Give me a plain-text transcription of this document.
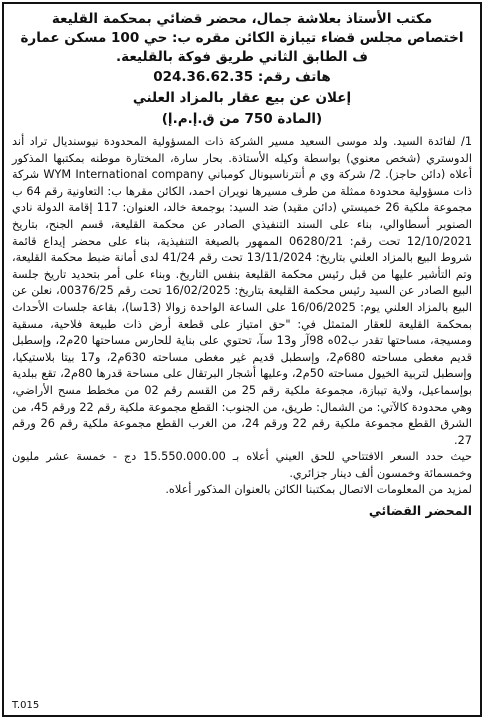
مكتب الأستاذ بعلاشة جمال، محضر قضائي بمحكمة القليعة
اختصاص مجلس قضاء تيبازة الكائن مقره ب: حي 100 مسكن عمارة
ف الطابق الثاني طريق فوكة بالقليعة.
هاتف رقم: 024.36.62.35
إعلان عن بيع عقار بالمزاد العلني
(المادة 750 من ق.إ.م.إ)

1/ لفائدة السيد. ولد موسى السعيد مسير الشركة ذات المسؤولية المحدودة نيوسنديال تراد أند الدوستري (شخص معنوي) بواسطة وكيله الأستاذة. بحار سارة، المختارة موطنه بمكتبها المذكور أعلاه (دائن حاجز). 2/ شركة وي م أنترناسيونال كومباني WYM International company شركة ذات مسؤولية محدودة ممثلة من طرف مسيرها نويران احمد، الكائن مقرها ب: التعاونية رقم 64 ب مجموعة ملكية 26 خميستي (دائن مقيد) ضد السيد: بوجمعة خالد، العنوان: 117 إقامة الدولة نادي الصنوبر أسطاوالي، بناء على السند التنفيذي الصادر عن محكمة القليعة، قسم الجنح، بتاريخ 12/10/2021 تحت رقم: 06280/21 الممهور بالصيغة التنفيذية، بناء على محضر إيداع قائمة شروط البيع بالمزاد العلني بتاريخ: 13/11/2024 تحت رقم 41/24 لدى أمانة ضبط محكمة القليعة، وتم التأشير عليها من قبل رئيس محكمة القليعة بنفس التاريخ. وبناء على أمر بتحديد تاريخ جلسة البيع الصادر عن السيد رئيس محكمة القليعة بتاريخ: 16/02/2025 تحت رقم 00376/25، نعلن عن البيع بالمزاد العلني يوم: 16/06/2025 على الساعة الواحدة زوالا (13سا)، بقاعة جلسات الأحداث بمحكمة القليعة للعقار المتمثل في: "حق امتياز على قطعة أرض ذات طبيعة فلاحية، مسقية ومسيجة، مساحتها تقدر ب02ه 98آر و13 سآ، تحتوي على بناية للحارس مساحتها 20م2، وإسطبل قديم مغطى مساحته 680م2، وإسطبل قديم غير مغطى مساحته 630م2، و17 بيتا بلاستيكيا، وإسطبل لتربية الخيول مساحته 50م2، وعليها أشجار البرتقال على مساحة قدرها 80م2، تقع ببلدية بوإسماعيل، ولاية تيبازة، مجموعة ملكية رقم 25 من القسم رقم 02 من مخطط مسح الأراضي، وهي محدودة كالآتي: من الشمال: طريق، من الجنوب: القطع مجموعة ملكية رقم 22 ورقم 45، من الشرق القطع مجموعة ملكية رقم 22 ورقم 24، من الغرب القطع مجموعة ملكية رقم 26 ورقم 27.

حيث حدد السعر الافتتاحي للحق العيني أعلاه بـ 15.550.000.00 دج - خمسة عشر مليون وخمسمائة وخمسون ألف دينار جزائري.

لمزيد من المعلومات الاتصال بمكتبنا الكائن بالعنوان المذكور أعلاه.

المحضر القضائي
T.015
